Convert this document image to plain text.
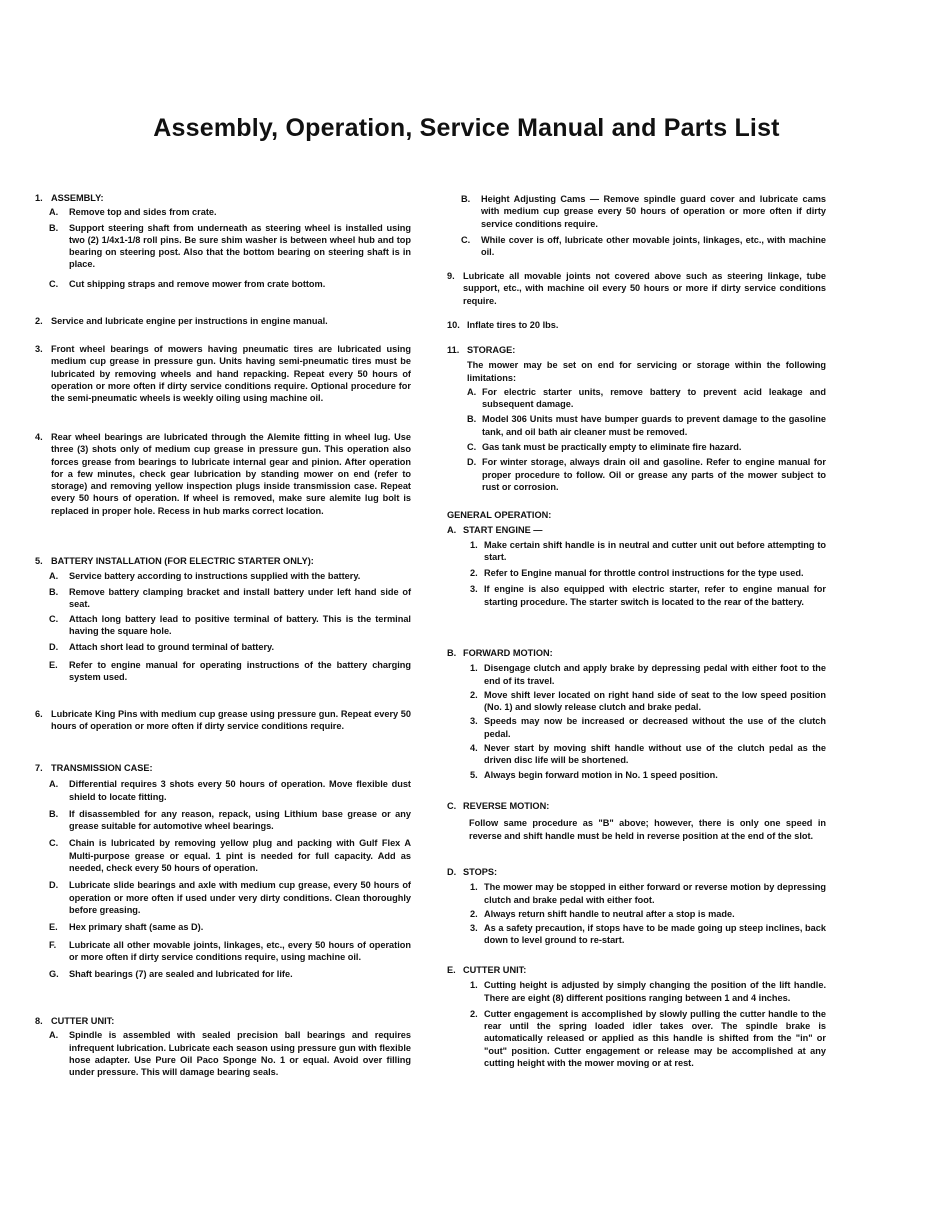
Assembly, Operation, Service Manual and Parts List
1. ASSEMBLY:
A.	Remove top and sides from crate.
B.	Support steering shaft from underneath as steering wheel is installed using two (2) 1/4x1-1/8 roll pins. Be sure shim washer is between wheel hub and top bearing on steering post. Also that the bottom bearing on steering shaft is in place.
C.	Cut shipping straps and remove mower from crate bottom.
2. Service and lubricate engine per instructions in engine manual.
3. Front wheel bearings of mowers having pneumatic tires are lubricated using medium cup grease in pressure gun. Units having semi-pneumatic tires must be lubricated by removing wheels and hand repacking. Repeat every 50 hours of operation or more often if dirty service conditions require. Optional procedure for the semi-pneumatic wheels is weekly oiling using machine oil.
4. Rear wheel bearings are lubricated through the Alemite fitting in wheel lug. Use three (3) shots only of medium cup grease in pressure gun. This operation also forces grease from bearings to lubricate internal gear and pinion. After operation for a few minutes, check gear lubrication by standing mower on end (refer to storage) and removing yellow inspection plugs inside transmission case. Repeat every 50 hours of operation. If wheel is removed, make sure alemite lug bolt is replaced in proper hole. Recess in hub marks correct location.
5. BATTERY INSTALLATION (FOR ELECTRIC STARTER ONLY):
A.	Service battery according to instructions supplied with the battery.
B.	Remove battery clamping bracket and install battery under left hand side of seat.
C.	Attach long battery lead to positive terminal of battery. This is the terminal having the square hole.
D.	Attach short lead to ground terminal of battery.
E.	Refer to engine manual for operating instructions of the battery charging system used.
6. Lubricate King Pins with medium cup grease using pressure gun. Repeat every 50 hours of operation or more often if dirty service conditions require.
7. TRANSMISSION CASE:
A.	Differential requires 3 shots every 50 hours of operation. Move flexible dust shield to locate fitting.
B.	If disassembled for any reason, repack, using Lithium base grease or any grease suitable for automotive wheel bearings.
C.	Chain is lubricated by removing yellow plug and packing with Gulf Flex A Multi-purpose grease or equal. 1 pint is needed for full capacity. Add as needed, check every 50 hours of operation.
D.	Lubricate slide bearings and axle with medium cup grease, every 50 hours of operation or more often if used under very dirty conditions. Clean thoroughly before greasing.
E.	Hex primary shaft (same as D).
F.	Lubricate all other movable joints, linkages, etc., every 50 hours of operation or more often if dirty service conditions require, using machine oil.
G.	Shaft bearings (7) are sealed and lubricated for life.
8. CUTTER UNIT:
A.	Spindle is assembled with sealed precision ball bearings and requires infrequent lubrication. Lubricate each season using pressure gun with flexible hose adapter. Use Pure Oil Paco Sponge No. 1 or equal. Avoid over filling under pressure. This will damage bearing seals.
B.	Height Adjusting Cams — Remove spindle guard cover and lubricate cams with medium cup grease every 50 hours of operation or more often if dirty service conditions require.
C.	While cover is off, lubricate other movable joints, linkages, etc., with machine oil.
9. Lubricate all movable joints not covered above such as steering linkage, tube support, etc., with machine oil every 50 hours or more if dirty service conditions require.
10. Inflate tires to 20 lbs.
11. STORAGE:
The mower may be set on end for servicing or storage within the following limitations:
A. For electric starter units, remove battery to prevent acid leakage and subsequent damage.
B. Model 306 Units must have bumper guards to prevent damage to the gasoline tank, and oil bath air cleaner must be removed.
C. Gas tank must be practically empty to eliminate fire hazard.
D. For winter storage, always drain oil and gasoline. Refer to engine manual for proper procedure to follow. Oil or grease any parts of the mower subject to rust or corrosion.
GENERAL OPERATION:
A. START ENGINE —
1. Make certain shift handle is in neutral and cutter unit out before attempting to start.
2. Refer to Engine manual for throttle control instructions for the type used.
3. If engine is also equipped with electric starter, refer to engine manual for starting procedure. The starter switch is located to the rear of the battery.
B. FORWARD MOTION:
1. Disengage clutch and apply brake by depressing pedal with either foot to the end of its travel.
2. Move shift lever located on right hand side of seat to the low speed position (No. 1) and slowly release clutch and brake pedal.
3. Speeds may now be increased or decreased without the use of the clutch pedal.
4. Never start by moving shift handle without use of the clutch pedal as the driven disc life will be shortened.
5. Always begin forward motion in No. 1 speed position.
C. REVERSE MOTION:
Follow same procedure as "B" above; however, there is only one speed in reverse and shift handle must be held in reverse position at the end of the slot.
D. STOPS:
1. The mower may be stopped in either forward or reverse motion by depressing clutch and brake pedal with either foot.
2. Always return shift handle to neutral after a stop is made.
3. As a safety precaution, if stops have to be made going up steep inclines, back down to level ground to re-start.
E. CUTTER UNIT:
1. Cutting height is adjusted by simply changing the position of the lift handle. There are eight (8) different positions ranging between 1 and 4 inches.
2. Cutter engagement is accomplished by slowly pulling the cutter handle to the rear until the spring loaded idler takes over. The spindle brake is automatically released or applied as this handle is shifted from the "in" or "out" position. Cutter engagement or release may be accomplished at any cutting height with the mower moving or at rest.
